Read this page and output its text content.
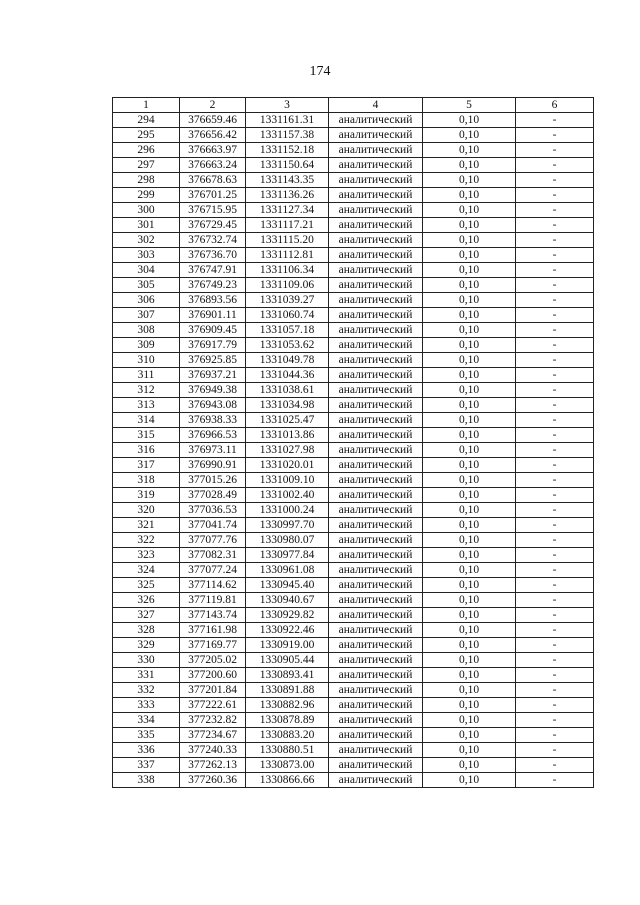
174
1	2	3	4	5	6
294	376659.46	1331161.31	аналитический	0,10	-
295	376656.42	1331157.38	аналитический	0,10	-
296	376663.97	1331152.18	аналитический	0,10	-
297	376663.24	1331150.64	аналитический	0,10	-
298	376678.63	1331143.35	аналитический	0,10	-
299	376701.25	1331136.26	аналитический	0,10	-
300	376715.95	1331127.34	аналитический	0,10	-
301	376729.45	1331117.21	аналитический	0,10	-
302	376732.74	1331115.20	аналитический	0,10	-
303	376736.70	1331112.81	аналитический	0,10	-
304	376747.91	1331106.34	аналитический	0,10	-
305	376749.23	1331109.06	аналитический	0,10	-
306	376893.56	1331039.27	аналитический	0,10	-
307	376901.11	1331060.74	аналитический	0,10	-
308	376909.45	1331057.18	аналитический	0,10	-
309	376917.79	1331053.62	аналитический	0,10	-
310	376925.85	1331049.78	аналитический	0,10	-
311	376937.21	1331044.36	аналитический	0,10	-
312	376949.38	1331038.61	аналитический	0,10	-
313	376943.08	1331034.98	аналитический	0,10	-
314	376938.33	1331025.47	аналитический	0,10	-
315	376966.53	1331013.86	аналитический	0,10	-
316	376973.11	1331027.98	аналитический	0,10	-
317	376990.91	1331020.01	аналитический	0,10	-
318	377015.26	1331009.10	аналитический	0,10	-
319	377028.49	1331002.40	аналитический	0,10	-
320	377036.53	1331000.24	аналитический	0,10	-
321	377041.74	1330997.70	аналитический	0,10	-
322	377077.76	1330980.07	аналитический	0,10	-
323	377082.31	1330977.84	аналитический	0,10	-
324	377077.24	1330961.08	аналитический	0,10	-
325	377114.62	1330945.40	аналитический	0,10	-
326	377119.81	1330940.67	аналитический	0,10	-
327	377143.74	1330929.82	аналитический	0,10	-
328	377161.98	1330922.46	аналитический	0,10	-
329	377169.77	1330919.00	аналитический	0,10	-
330	377205.02	1330905.44	аналитический	0,10	-
331	377200.60	1330893.41	аналитический	0,10	-
332	377201.84	1330891.88	аналитический	0,10	-
333	377222.61	1330882.96	аналитический	0,10	-
334	377232.82	1330878.89	аналитический	0,10	-
335	377234.67	1330883.20	аналитический	0,10	-
336	377240.33	1330880.51	аналитический	0,10	-
337	377262.13	1330873.00	аналитический	0,10	-
338	377260.36	1330866.66	аналитический	0,10	-
